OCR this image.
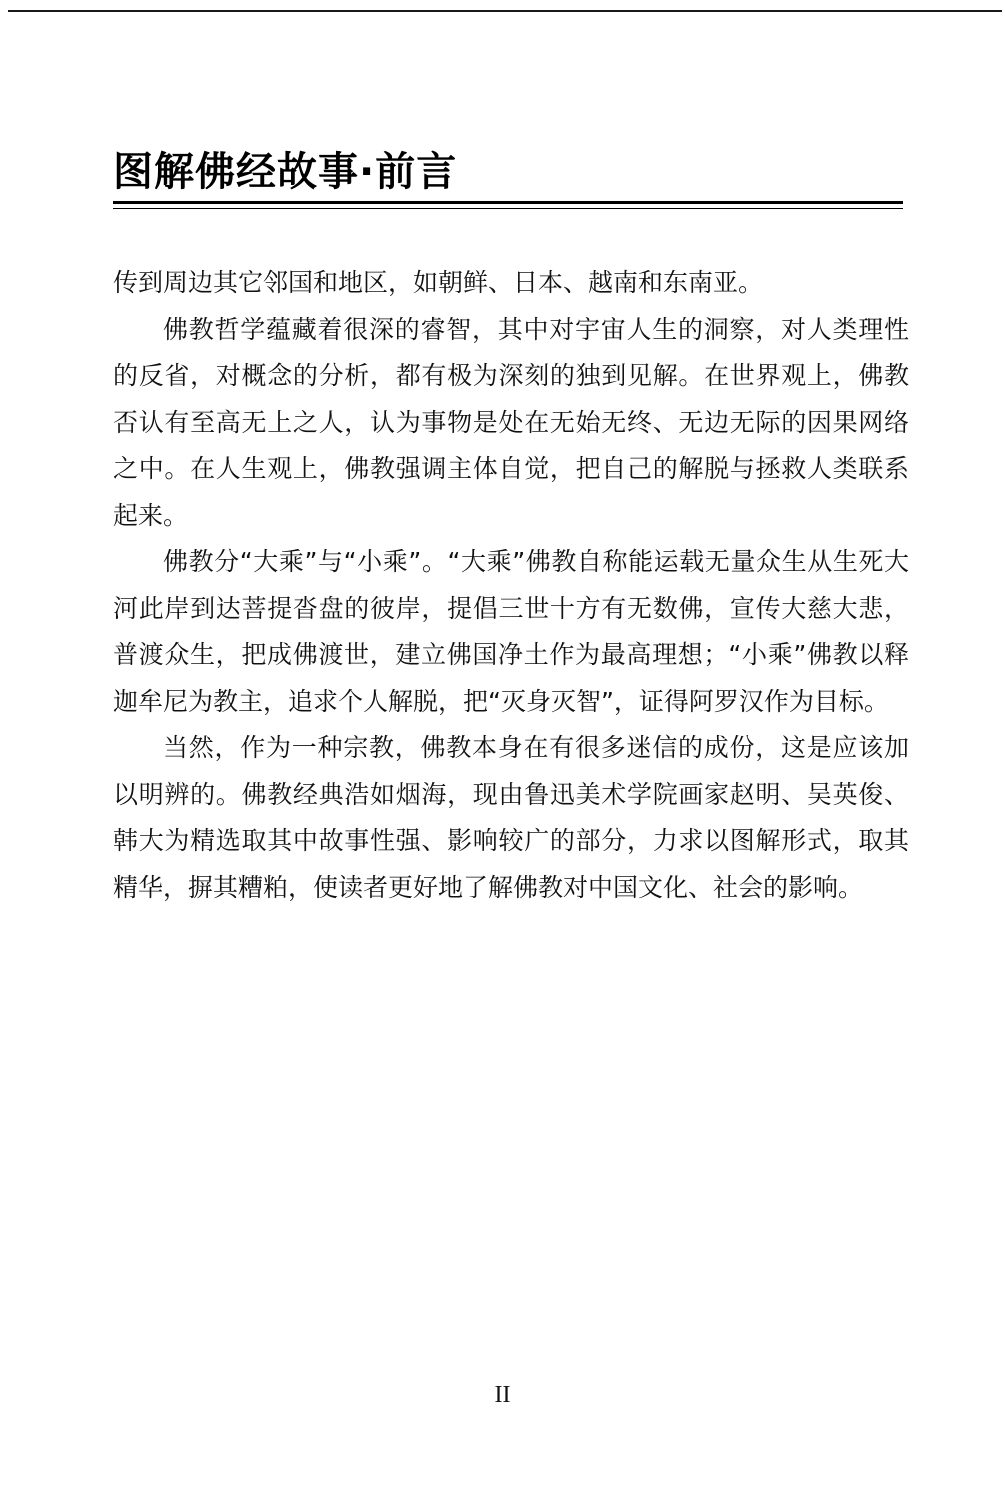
图解佛经故事·前言

传到周边其它邻国和地区，如朝鲜、日本、越南和东南亚。

佛教哲学蕴藏着很深的睿智，其中对宇宙人生的洞察，对人类理性的反省，对概念的分析，都有极为深刻的独到见解。在世界观上，佛教否认有至高无上之人，认为事物是处在无始无终、无边无际的因果网络之中。在人生观上，佛教强调主体自觉，把自己的解脱与拯救人类联系起来。

佛教分“大乘”与“小乘”。“大乘”佛教自称能运载无量众生从生死大河此岸到达菩提沓盘的彼岸，提倡三世十方有无数佛，宣传大慈大悲，普渡众生，把成佛渡世，建立佛国净土作为最高理想；“小乘”佛教以释迦牟尼为教主，追求个人解脱，把“灭身灭智”，证得阿罗汉作为目标。

当然，作为一种宗教，佛教本身在有很多迷信的成份，这是应该加以明辨的。佛教经典浩如烟海，现由鲁迅美术学院画家赵明、吴英俊、韩大为精选取其中故事性强、影响较广的部分，力求以图解形式，取其精华，摒其糟粕，使读者更好地了解佛教对中国文化、社会的影响。

II
